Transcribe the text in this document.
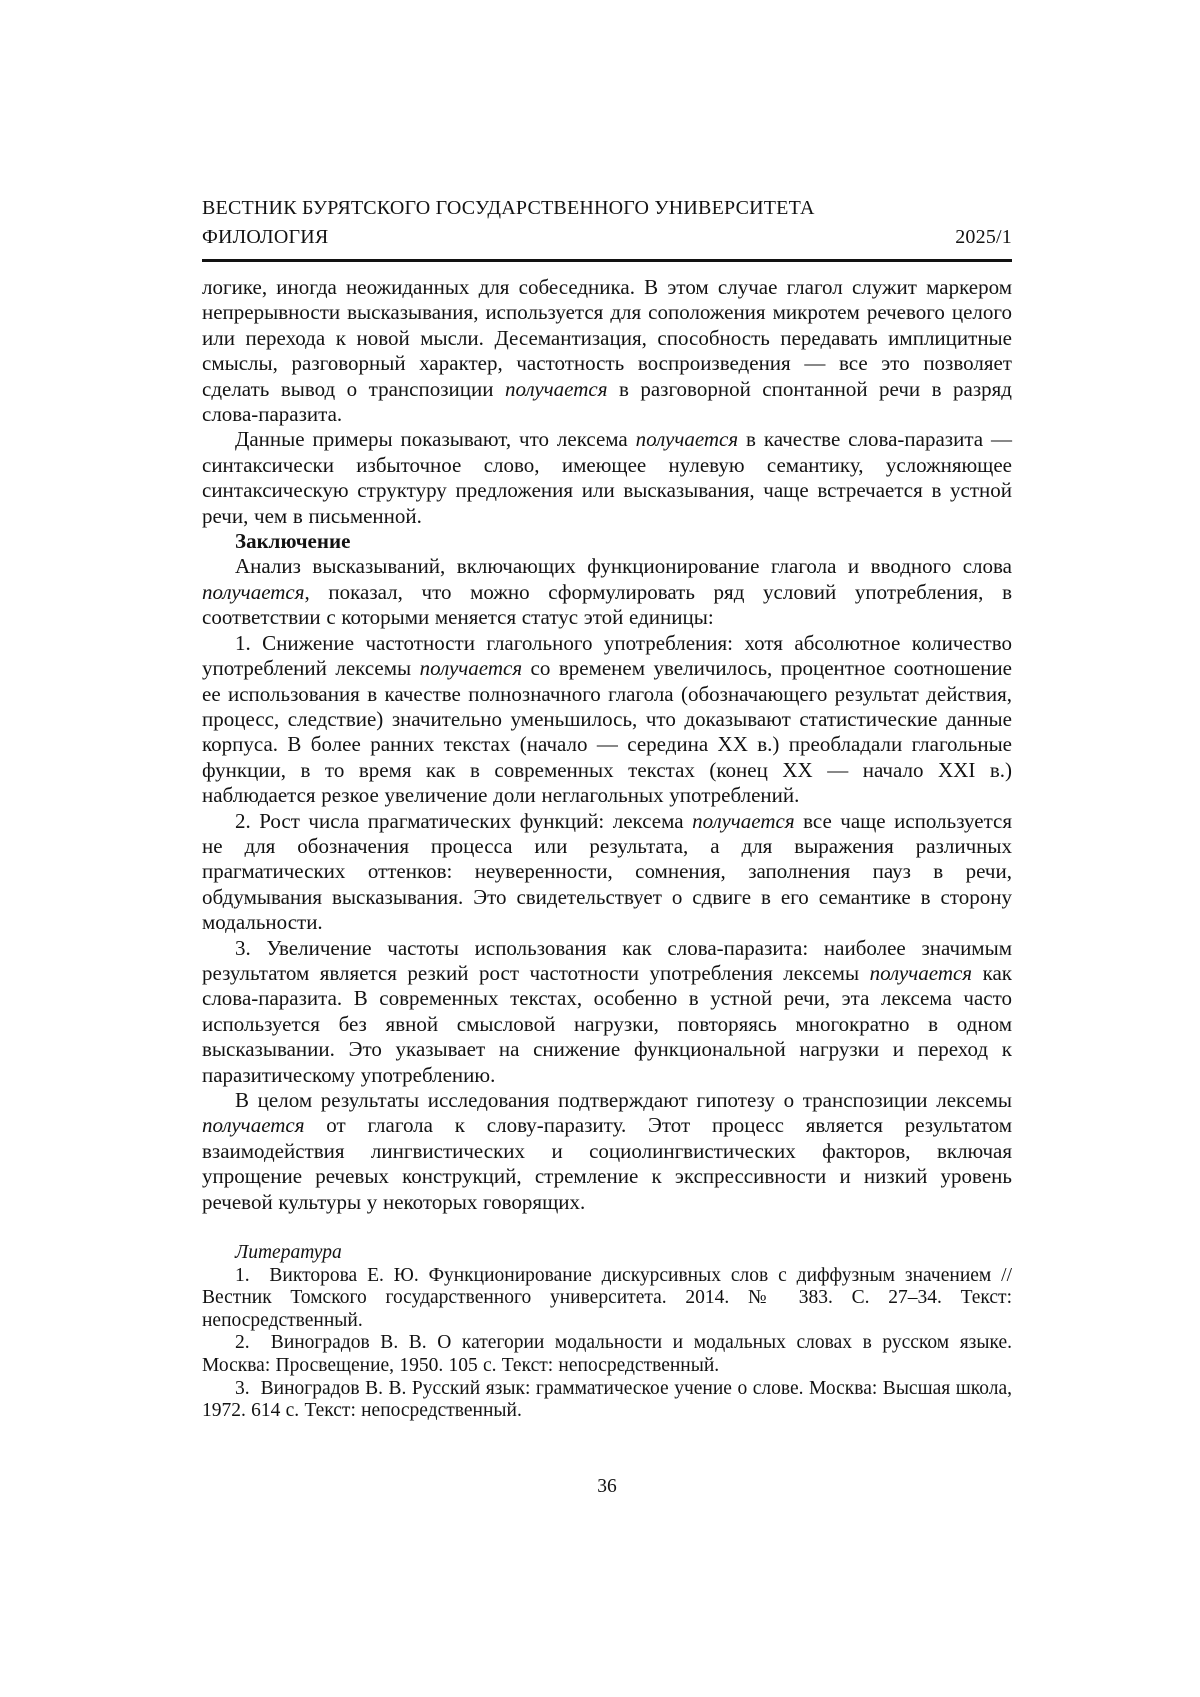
ВЕСТНИК БУРЯТСКОГО ГОСУДАРСТВЕННОГО УНИВЕРСИТЕТА
ФИЛОЛОГИЯ	2025/1

логике, иногда неожиданных для собеседника. В этом случае глагол служит маркером непрерывности высказывания, используется для соположения микротем речевого целого или перехода к новой мысли. Десемантизация, способность передавать имплицитные смыслы, разговорный характер, частотность воспроизведения — все это позволяет сделать вывод о транспозиции получается в разговорной спонтанной речи в разряд слова-паразита.

Данные примеры показывают, что лексема получается в качестве слова-паразита — синтаксически избыточное слово, имеющее нулевую семантику, усложняющее синтаксическую структуру предложения или высказывания, чаще встречается в устной речи, чем в письменной.

Заключение

Анализ высказываний, включающих функционирование глагола и вводного слова получается, показал, что можно сформулировать ряд условий употребления, в соответствии с которыми меняется статус этой единицы:

1. Снижение частотности глагольного употребления: хотя абсолютное количество употреблений лексемы получается со временем увеличилось, процентное соотношение ее использования в качестве полнозначного глагола (обозначающего результат действия, процесс, следствие) значительно уменьшилось, что доказывают статистические данные корпуса. В более ранних текстах (начало — середина XX в.) преобладали глагольные функции, в то время как в современных текстах (конец XX — начало XXI в.) наблюдается резкое увеличение доли неглагольных употреблений.

2. Рост числа прагматических функций: лексема получается все чаще используется не для обозначения процесса или результата, а для выражения различных прагматических оттенков: неуверенности, сомнения, заполнения пауз в речи, обдумывания высказывания. Это свидетельствует о сдвиге в его семантике в сторону модальности.

3. Увеличение частоты использования как слова-паразита: наиболее значимым результатом является резкий рост частотности употребления лексемы получается как слова-паразита. В современных текстах, особенно в устной речи, эта лексема часто используется без явной смысловой нагрузки, повторяясь многократно в одном высказывании. Это указывает на снижение функциональной нагрузки и переход к паразитическому употреблению.

В целом результаты исследования подтверждают гипотезу о транспозиции лексемы получается от глагола к слову-паразиту. Этот процесс является результатом взаимодействия лингвистических и социолингвистических факторов, включая упрощение речевых конструкций, стремление к экспрессивности и низкий уровень речевой культуры у некоторых говорящих.

Литература

1.  Викторова Е. Ю. Функционирование дискурсивных слов с диффузным значением // Вестник Томского государственного университета. 2014. № 383. С. 27–34. Текст: непосредственный.

2.  Виноградов В. В. О категории модальности и модальных словах в русском языке. Москва: Просвещение, 1950. 105 с. Текст: непосредственный.

3.  Виноградов В. В. Русский язык: грамматическое учение о слове. Москва: Высшая школа, 1972. 614 с. Текст: непосредственный.

36
